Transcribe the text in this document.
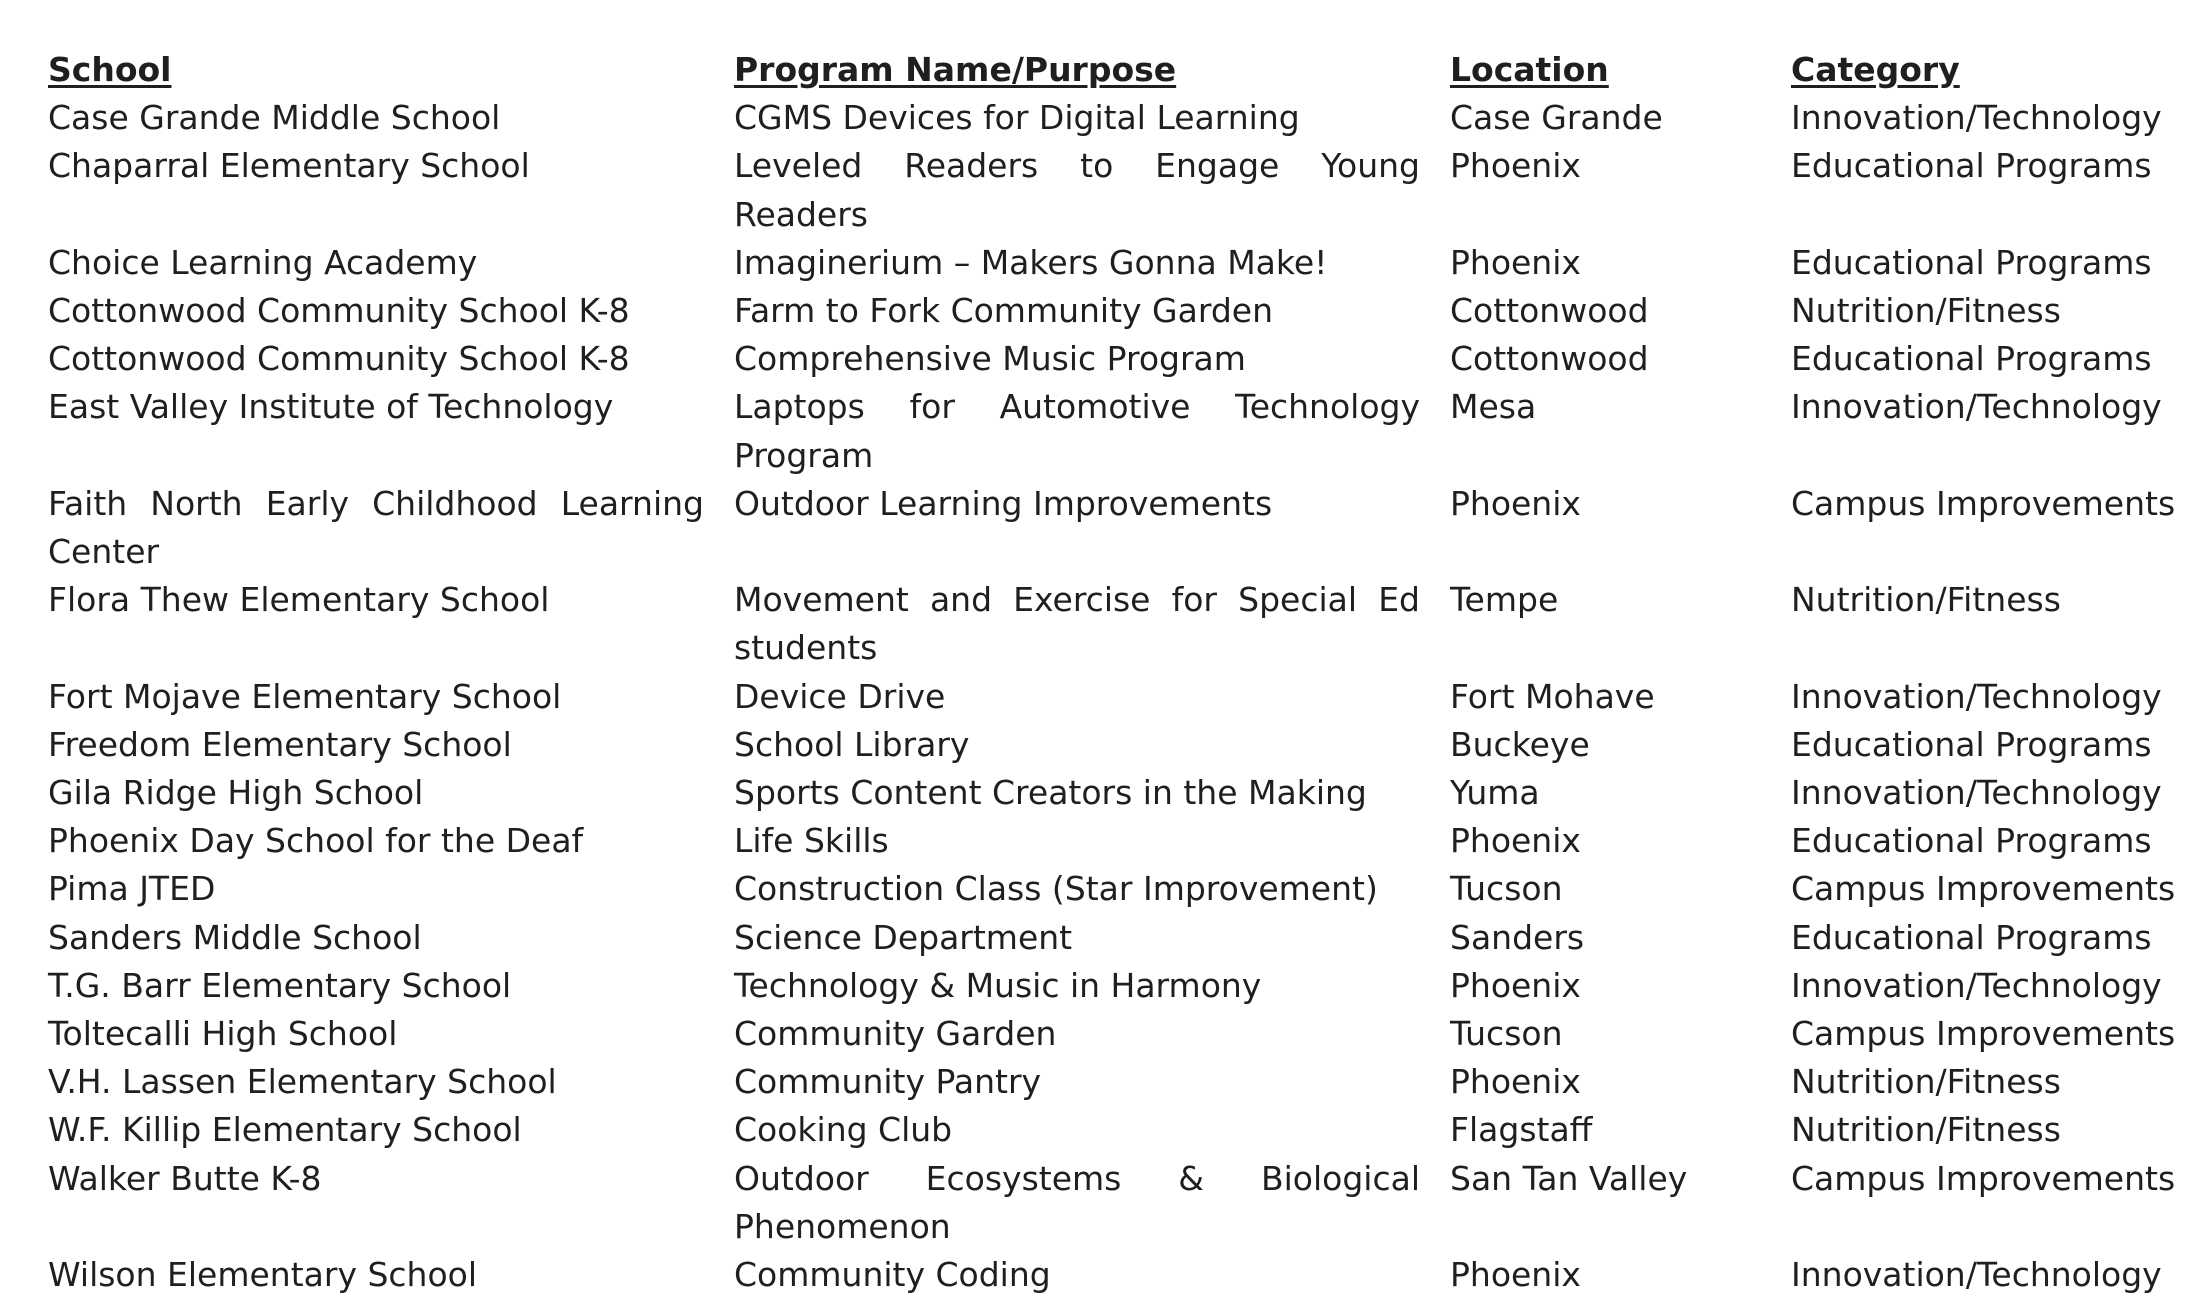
School	Program Name/Purpose	Location	Category
Case Grande Middle School	CGMS Devices for Digital Learning	Case Grande	Innovation/Technology
Chaparral Elementary School	Leveled Readers to Engage Young Readers	Phoenix	Educational Programs
Choice Learning Academy	Imaginerium – Makers Gonna Make!	Phoenix	Educational Programs
Cottonwood Community School K-8	Farm to Fork Community Garden	Cottonwood	Nutrition/Fitness
Cottonwood Community School K-8	Comprehensive Music Program	Cottonwood	Educational Programs
East Valley Institute of Technology	Laptops for Automotive Technology Program	Mesa	Innovation/Technology
Faith North Early Childhood Learning Center	Outdoor Learning Improvements	Phoenix	Campus Improvements
Flora Thew Elementary School	Movement and Exercise for Special Ed students	Tempe	Nutrition/Fitness
Fort Mojave Elementary School	Device Drive	Fort Mohave	Innovation/Technology
Freedom Elementary School	School Library	Buckeye	Educational Programs
Gila Ridge High School	Sports Content Creators in the Making	Yuma	Innovation/Technology
Phoenix Day School for the Deaf	Life Skills	Phoenix	Educational Programs
Pima JTED	Construction Class (Star Improvement)	Tucson	Campus Improvements
Sanders Middle School	Science Department	Sanders	Educational Programs
T.G. Barr Elementary School	Technology & Music in Harmony	Phoenix	Innovation/Technology
Toltecalli High School	Community Garden	Tucson	Campus Improvements
V.H. Lassen Elementary School	Community Pantry	Phoenix	Nutrition/Fitness
W.F. Killip Elementary School	Cooking Club	Flagstaff	Nutrition/Fitness
Walker Butte K-8	Outdoor Ecosystems & Biological Phenomenon	San Tan Valley	Campus Improvements
Wilson Elementary School	Community Coding	Phoenix	Innovation/Technology
